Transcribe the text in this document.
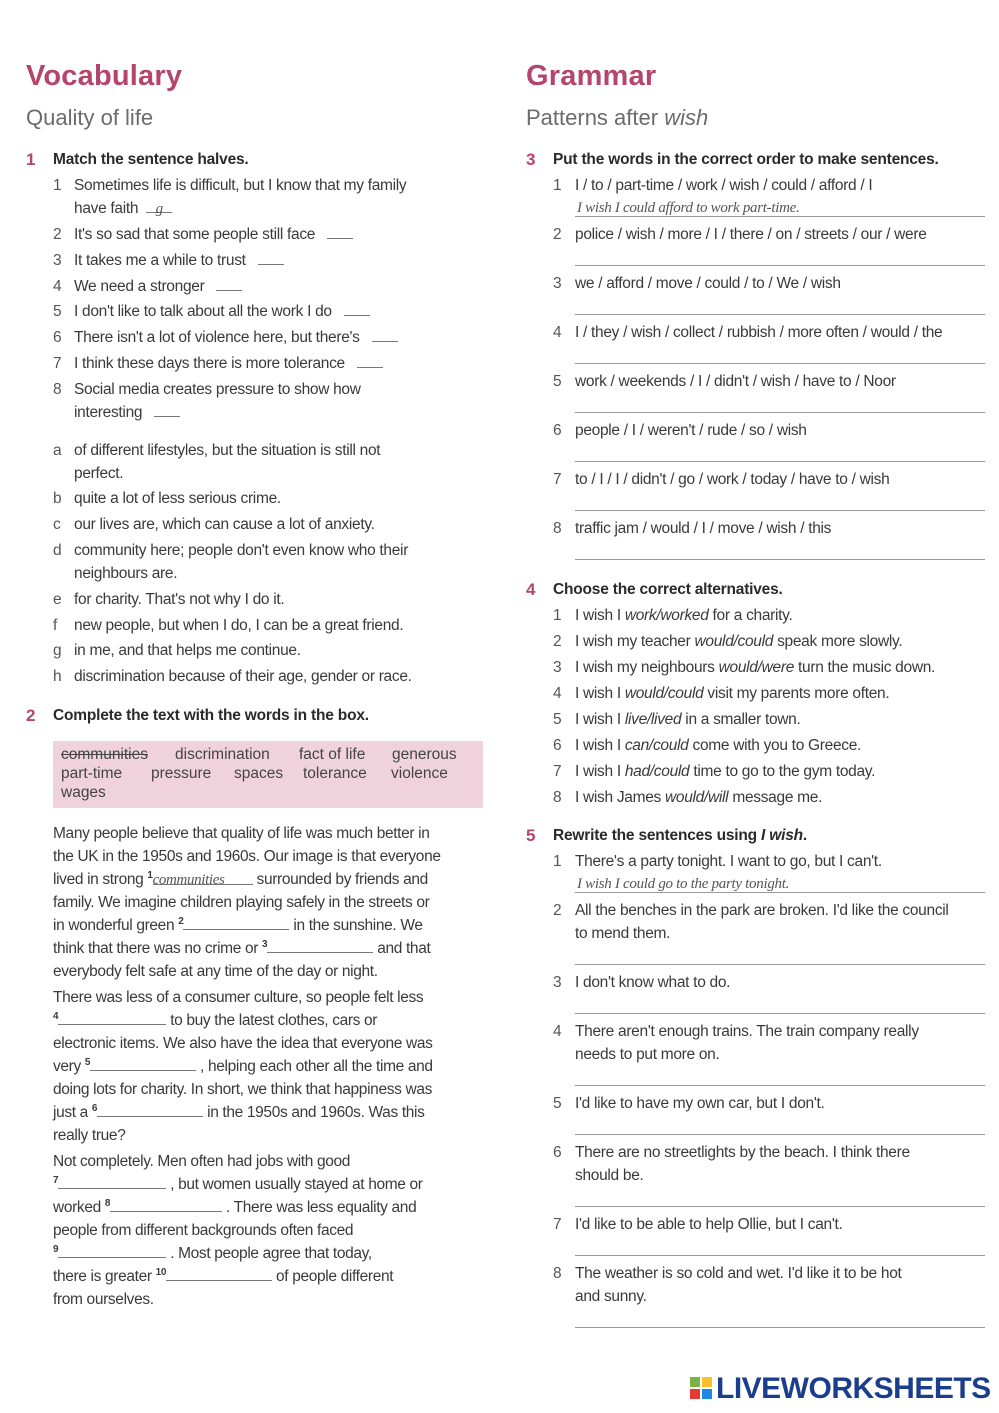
Vocabulary
Quality of life
1 Match the sentence halves.
1 Sometimes life is difficult, but I know that my family
have faith g
2 It's so sad that some people still face
3 It takes me a while to trust
4 We need a stronger
5 I don't like to talk about all the work I do
6 There isn't a lot of violence here, but there's
7 I think these days there is more tolerance
8 Social media creates pressure to show how
interesting
a of different lifestyles, but the situation is still not
perfect.
b quite a lot of less serious crime.
c our lives are, which can cause a lot of anxiety.
d community here; people don't even know who their
neighbours are.
e for charity. That's not why I do it.
f new people, but when I do, I can be a great friend.
g in me, and that helps me continue.
h discrimination because of their age, gender or race.
2 Complete the text with the words in the box.
communities discrimination fact of life generous
part-time pressure spaces tolerance violence
wages
Many people believe that quality of life was much better in
the UK in the 1950s and 1960s. Our image is that everyone
lived in strong $^1$communities surrounded by friends and
family. We imagine children playing safely in the streets or
in wonderful green $^2$	in the sunshine. We
think that there was no crime or $^3$	and that
everybody felt safe at any time of the day or night.
There was less of a consumer culture, so people felt less
$^4$	to buy the latest clothes, cars or
electronic items. We also have the idea that everyone was
very $^5$	, helping each other all the time and
doing lots for charity. In short, we think that happiness was
just a $^6$	in the 1950s and 1960s. Was this
really true?
Not completely. Men often had jobs with good
$^7$	, but women usually stayed at home or
worked $^8$	. There was less equality and
people from different backgrounds often faced
$^9$	. Most people agree that today,
there is greater $^{10}$	of people different
from ourselves.
Grammar
Patterns after wish
3 Put the words in the correct order to make sentences.
1 I / to / part-time / work / wish / could / afford / I
I wish I could afford to work part-time.
2 police / wish / more / I / there / on / streets / our / were
3 we / afford / move / could / to / We / wish
4 I / they / wish / collect / rubbish / more often / would / the
5 work / weekends / I / didn't / wish / have to / Noor
6 people / I / weren't / rude / so / wish
7 to / I / I / didn't / go / work / today / have to / wish
8 traffic jam / would / I / move / wish / this
4 Choose the correct alternatives.
1 I wish I work/worked for a charity.
2 I wish my teacher would/could speak more slowly.
3 I wish my neighbours would/were turn the music down.
4 I wish I would/could visit my parents more often.
5 I wish I live/lived in a smaller town.
6 I wish I can/could come with you to Greece.
7 I wish I had/could time to go to the gym today.
8 I wish James would/will message me.
5 Rewrite the sentences using I wish.
1 There's a party tonight. I want to go, but I can't.
I wish I could go to the party tonight.
2 All the benches in the park are broken. I'd like the council
to mend them.
3 I don't know what to do.
4 There aren't enough trains. The train company really
needs to put more on.
5 I'd like to have my own car, but I don't.
6 There are no streetlights by the beach. I think there
should be.
7 I'd like to be able to help Ollie, but I can't.
8 The weather is so cold and wet. I'd like it to be hot
and sunny.
LIVEWORKSHEETS
